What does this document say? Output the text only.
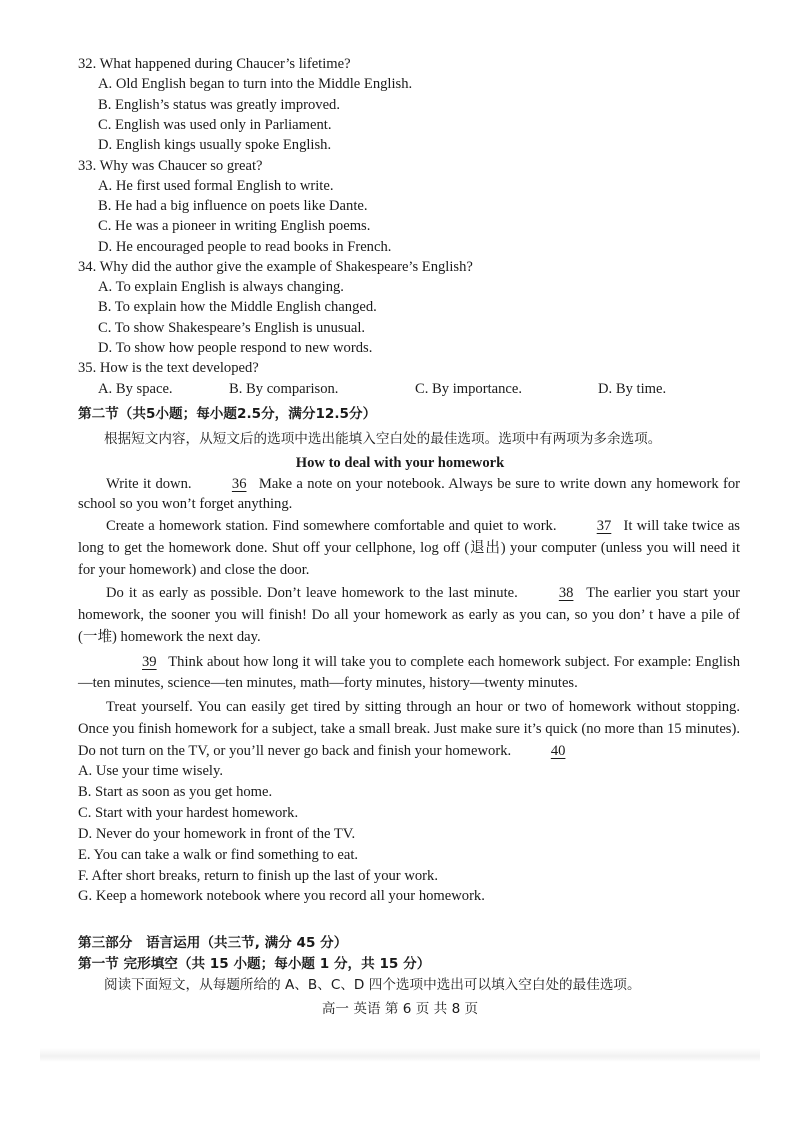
32. What happened during Chaucer’s lifetime?
A. Old English began to turn into the Middle English.
B. English’s status was greatly improved.
C. English was used only in Parliament.
D. English kings usually spoke English.
33. Why was Chaucer so great?
A. He first used formal English to write.
B. He had a big influence on poets like Dante.
C. He was a pioneer in writing English poems.
D. He encouraged people to read books in French.
34. Why did the author give the example of Shakespeare’s English?
A. To explain English is always changing.
B. To explain how the Middle English changed.
C. To show Shakespeare’s English is unusual.
D. To show how people respond to new words.
35. How is the text developed?
A. By space.	B. By comparison.	C. By importance.	D. By time.
第二节（共5小题；每小题2.5分，满分12.5分）
根据短文内容，从短文后的选项中选出能填入空白处的最佳选项。选项中有两项为多余选项。
How to deal with your homework
Write it down.	36 Make a note on your notebook. Always be sure to write down any homework for school so you won’t forget anything.
Create a homework station. Find somewhere comfortable and quiet to work.	37 It will take twice as long to get the homework done. Shut off your cellphone, log off (退出) your computer (unless you will need it for your homework) and close the door.
Do it as early as possible. Don’t leave homework to the last minute.	38 The earlier you start your homework, the sooner you will finish! Do all your homework as early as you can, so you don’ t have a pile of (一堆) homework the next day.
39 Think about how long it will take you to complete each homework subject. For example: English—ten minutes, science—ten minutes, math—forty minutes, history—twenty minutes.
Treat yourself. You can easily get tired by sitting through an hour or two of homework without stopping. Once you finish homework for a subject, take a small break. Just make sure it’s quick (no more than 15 minutes). Do not turn on the TV, or you’ll never go back and finish your homework.	40
A. Use your time wisely.
B. Start as soon as you get home.
C. Start with your hardest homework.
D. Never do your homework in front of the TV.
E. You can take a walk or find something to eat.
F. After short breaks, return to finish up the last of your work.
G. Keep a homework notebook where you record all your homework.
第三部分　语言运用（共三节, 满分 45 分）
第一节 完形填空（共 15 小题；每小题 1 分，共 15 分）
阅读下面短文，从每题所给的 A、B、C、D 四个选项中选出可以填入空白处的最佳选项。
高一 英语 第 6 页 共 8 页
